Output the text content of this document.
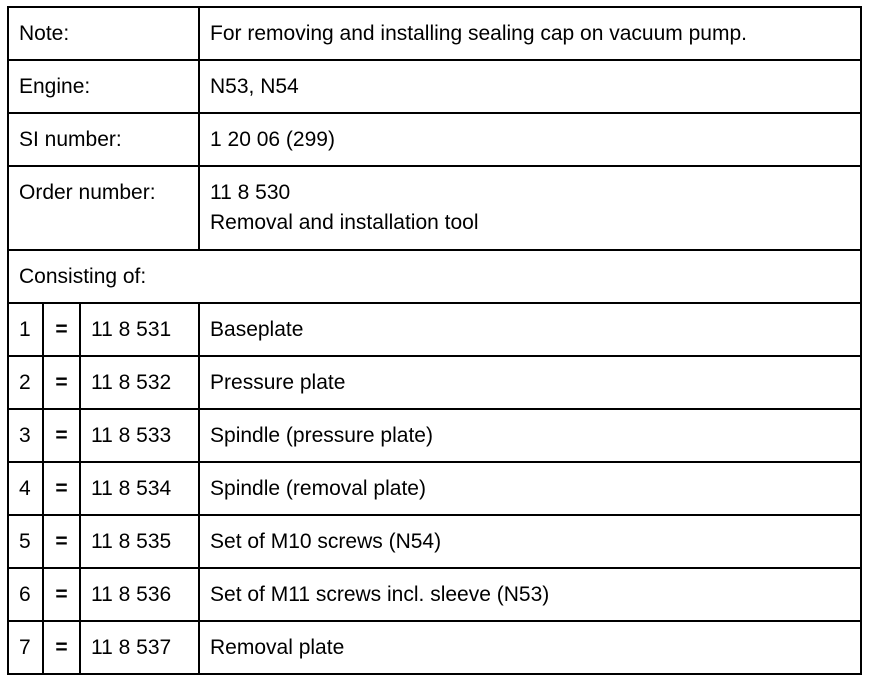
Note:			For removing and installing sealing cap on vacuum pump.
Engine:			N53, N54
SI number:			1 20 06 (299)
Order number:			11 8 530
Removal and installation tool

Consisting of:			
1	=	11 8 531	Baseplate
2	=	11 8 532	Pressure plate
3	=	11 8 533	Spindle (pressure plate)
4	=	11 8 534	Spindle (removal plate)
5	=	11 8 535	Set of M10 screws (N54)
6	=	11 8 536	Set of M11 screws incl. sleeve (N53)
7	=	11 8 537	Removal plate
